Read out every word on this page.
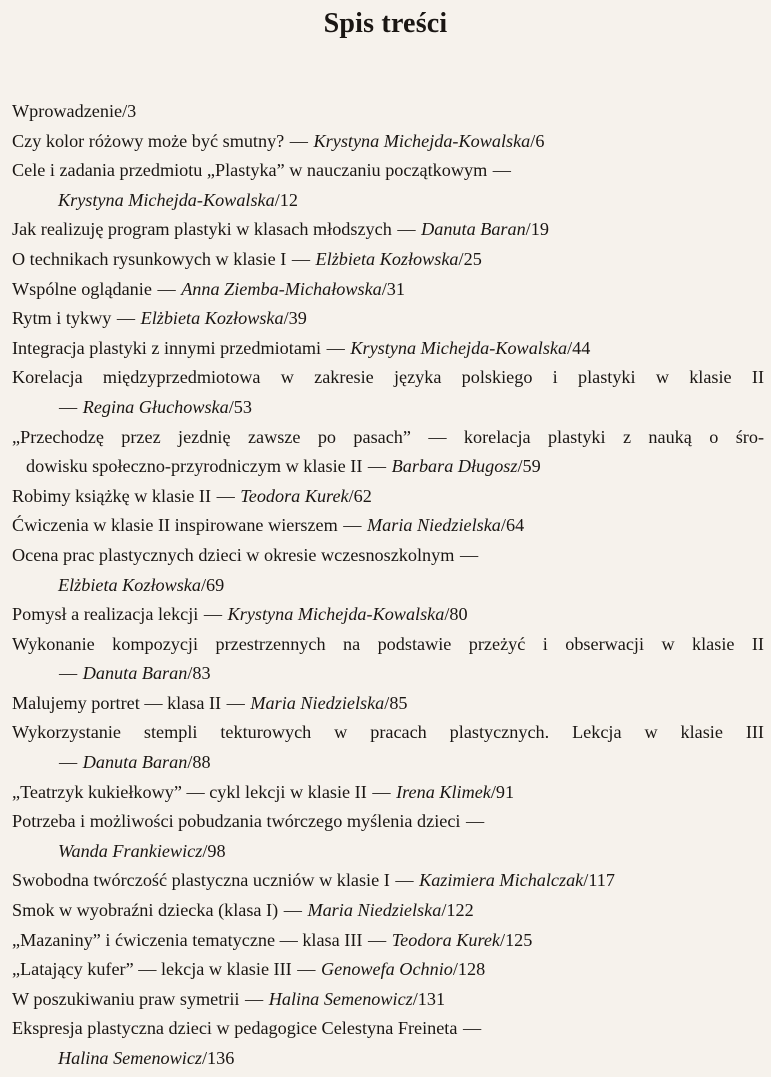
Spis treści
Wprowadzenie/3
Czy kolor różowy może być smutny? — Krystyna Michejda-Kowalska/6
Cele i zadania przedmiotu „Plastyka” w nauczaniu początkowym —
Krystyna Michejda-Kowalska/12
Jak realizuję program plastyki w klasach młodszych — Danuta Baran/19
O technikach rysunkowych w klasie I — Elżbieta Kozłowska/25
Wspólne oglądanie — Anna Ziemba-Michałowska/31
Rytm i tykwy — Elżbieta Kozłowska/39
Integracja plastyki z innymi przedmiotami — Krystyna Michejda-Kowalska/44
Korelacja międzyprzedmiotowa w zakresie języka polskiego i plastyki w klasie II
— Regina Głuchowska/53
„Przechodzę przez jezdnię zawsze po pasach” — korelacja plastyki z nauką o śro-
dowisku społeczno-przyrodniczym w klasie II — Barbara Długosz/59
Robimy książkę w klasie II — Teodora Kurek/62
Ćwiczenia w klasie II inspirowane wierszem — Maria Niedzielska/64
Ocena prac plastycznych dzieci w okresie wczesnoszkolnym —
Elżbieta Kozłowska/69
Pomysł a realizacja lekcji — Krystyna Michejda-Kowalska/80
Wykonanie kompozycji przestrzennych na podstawie przeżyć i obserwacji w klasie II
— Danuta Baran/83
Malujemy portret — klasa II — Maria Niedzielska/85
Wykorzystanie stempli tekturowych w pracach plastycznych. Lekcja w klasie III
— Danuta Baran/88
„Teatrzyk kukiełkowy” — cykl lekcji w klasie II — Irena Klimek/91
Potrzeba i możliwości pobudzania twórczego myślenia dzieci —
Wanda Frankiewicz/98
Swobodna twórczość plastyczna uczniów w klasie I — Kazimiera Michalczak/117
Smok w wyobraźni dziecka (klasa I) — Maria Niedzielska/122
„Mazaniny” i ćwiczenia tematyczne — klasa III — Teodora Kurek/125
„Latający kufer” — lekcja w klasie III — Genowefa Ochnio/128
W poszukiwaniu praw symetrii — Halina Semenowicz/131
Ekspresja plastyczna dzieci w pedagogice Celestyna Freineta —
Halina Semenowicz/136
